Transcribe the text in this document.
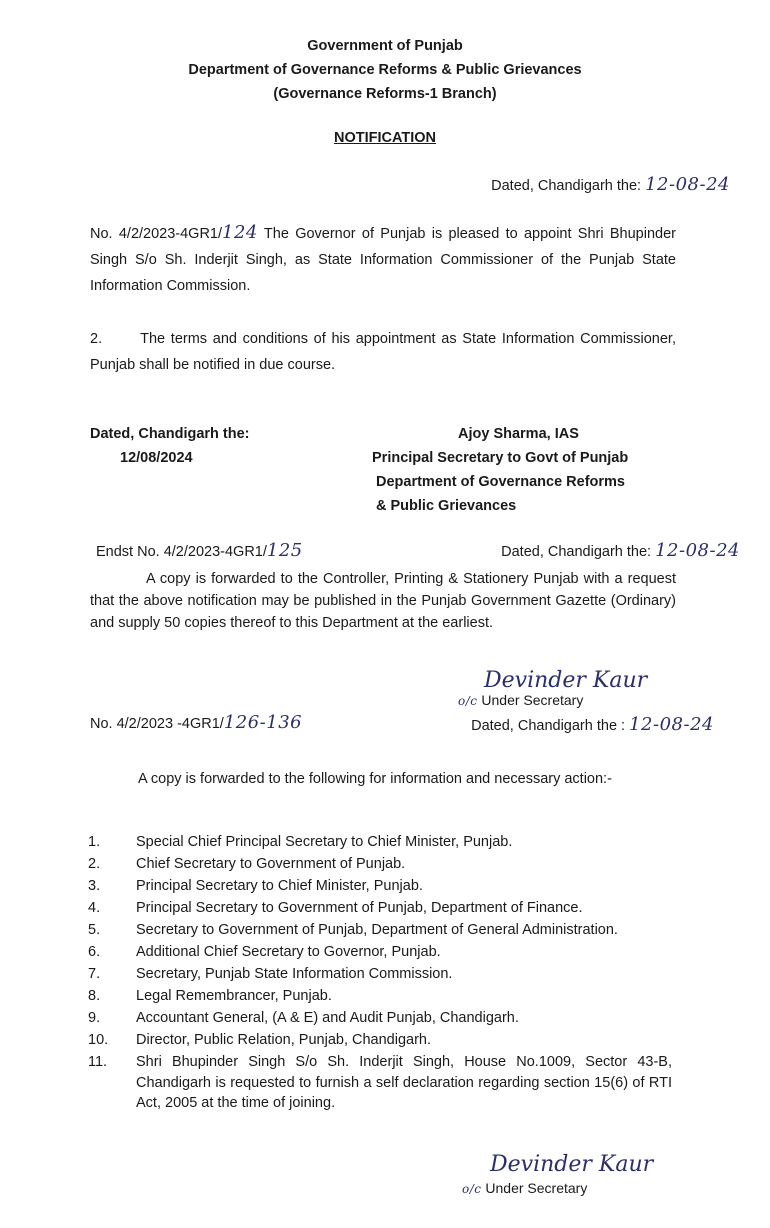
Government of Punjab
Department of Governance Reforms & Public Grievances
(Governance Reforms-1 Branch)
NOTIFICATION
Dated, Chandigarh the: 12-08-24
No. 4/2/2023-4GR1/124 The Governor of Punjab is pleased to appoint Shri Bhupinder Singh S/o Sh. Inderjit Singh, as State Information Commissioner of the Punjab State Information Commission.
2.	The terms and conditions of his appointment as State Information Commissioner, Punjab shall be notified in due course.
Dated, Chandigarh the:
12/08/2024
Ajoy Sharma, IAS
Principal Secretary to Govt of Punjab
Department of Governance Reforms
& Public Grievances
Endst No. 4/2/2023-4GR1/125	Dated, Chandigarh the: 12-08-24
A copy is forwarded to the Controller, Printing & Stationery Punjab with a request that the above notification may be published in the Punjab Government Gazette (Ordinary) and supply 50 copies thereof to this Department at the earliest.
Devinder Kaur
o/c Under Secretary
No. 4/2/2023 -4GR1/126-136	Dated, Chandigarh the : 12-08-24
A copy is forwarded to the following for information and necessary action:-
1. Special Chief Principal Secretary to Chief Minister, Punjab.
2. Chief Secretary to Government of Punjab.
3. Principal Secretary to Chief Minister, Punjab.
4. Principal Secretary to Government of Punjab, Department of Finance.
5. Secretary to Government of Punjab, Department of General Administration.
6. Additional Chief Secretary to Governor, Punjab.
7. Secretary, Punjab State Information Commission.
8. Legal Remembrancer, Punjab.
9. Accountant General, (A & E) and Audit Punjab, Chandigarh.
10. Director, Public Relation, Punjab, Chandigarh.
11. Shri Bhupinder Singh S/o Sh. Inderjit Singh, House No.1009, Sector 43-B, Chandigarh is requested to furnish a self declaration regarding section 15(6) of RTI Act, 2005 at the time of joining.
Devinder Kaur
o/c Under Secretary
